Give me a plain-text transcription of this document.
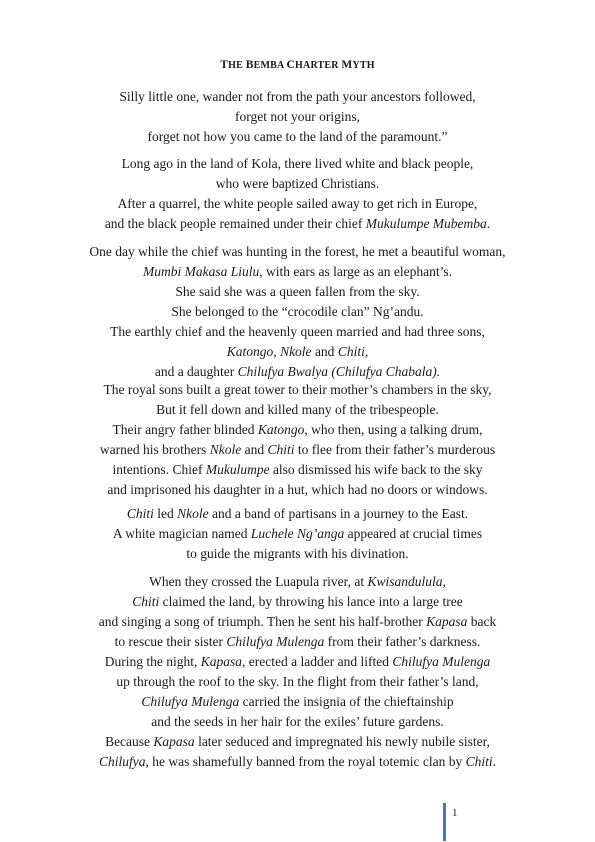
THE BEMBA CHARTER MYTH
Silly little one, wander not from the path your ancestors followed,
forget not your origins,
forget not how you came to the land of the paramount.”
Long ago in the land of Kola, there lived white and black people,
who were baptized Christians.
After a quarrel, the white people sailed away to get rich in Europe,
and the black people remained under their chief Mukulumpe Mubemba.
One day while the chief was hunting in the forest, he met a beautiful woman,
Mumbi Makasa Liulu, with ears as large as an elephant’s.
She said she was a queen fallen from the sky.
She belonged to the “crocodile clan” Ng’andu.
The earthly chief and the heavenly queen married and had three sons,
Katongo, Nkole and Chiti,
and a daughter Chilufya Bwalya (Chilufya Chabala).
The royal sons built a great tower to their mother’s chambers in the sky,
But it fell down and killed many of the tribespeople.
Their angry father blinded Katongo, who then, using a talking drum,
warned his brothers Nkole and Chiti to flee from their father’s murderous
intentions. Chief Mukulumpe also dismissed his wife back to the sky
and imprisoned his daughter in a hut, which had no doors or windows.
Chiti led Nkole and a band of partisans in a journey to the East.
A white magician named Luchele Ng’anga appeared at crucial times
to guide the migrants with his divination.
When they crossed the Luapula river, at Kwisandulula,
Chiti claimed the land, by throwing his lance into a large tree
and singing a song of triumph. Then he sent his half-brother Kapasa back
to rescue their sister Chilufya Mulenga from their father’s darkness.
During the night, Kapasa, erected a ladder and lifted Chilufya Mulenga
up through the roof to the sky. In the flight from their father’s land,
Chilufya Mulenga carried the insignia of the chieftainship
and the seeds in her hair for the exiles’ future gardens.
Because Kapasa later seduced and impregnated his newly nubile sister,
Chilufya, he was shamefully banned from the royal totemic clan by Chiti.
1
